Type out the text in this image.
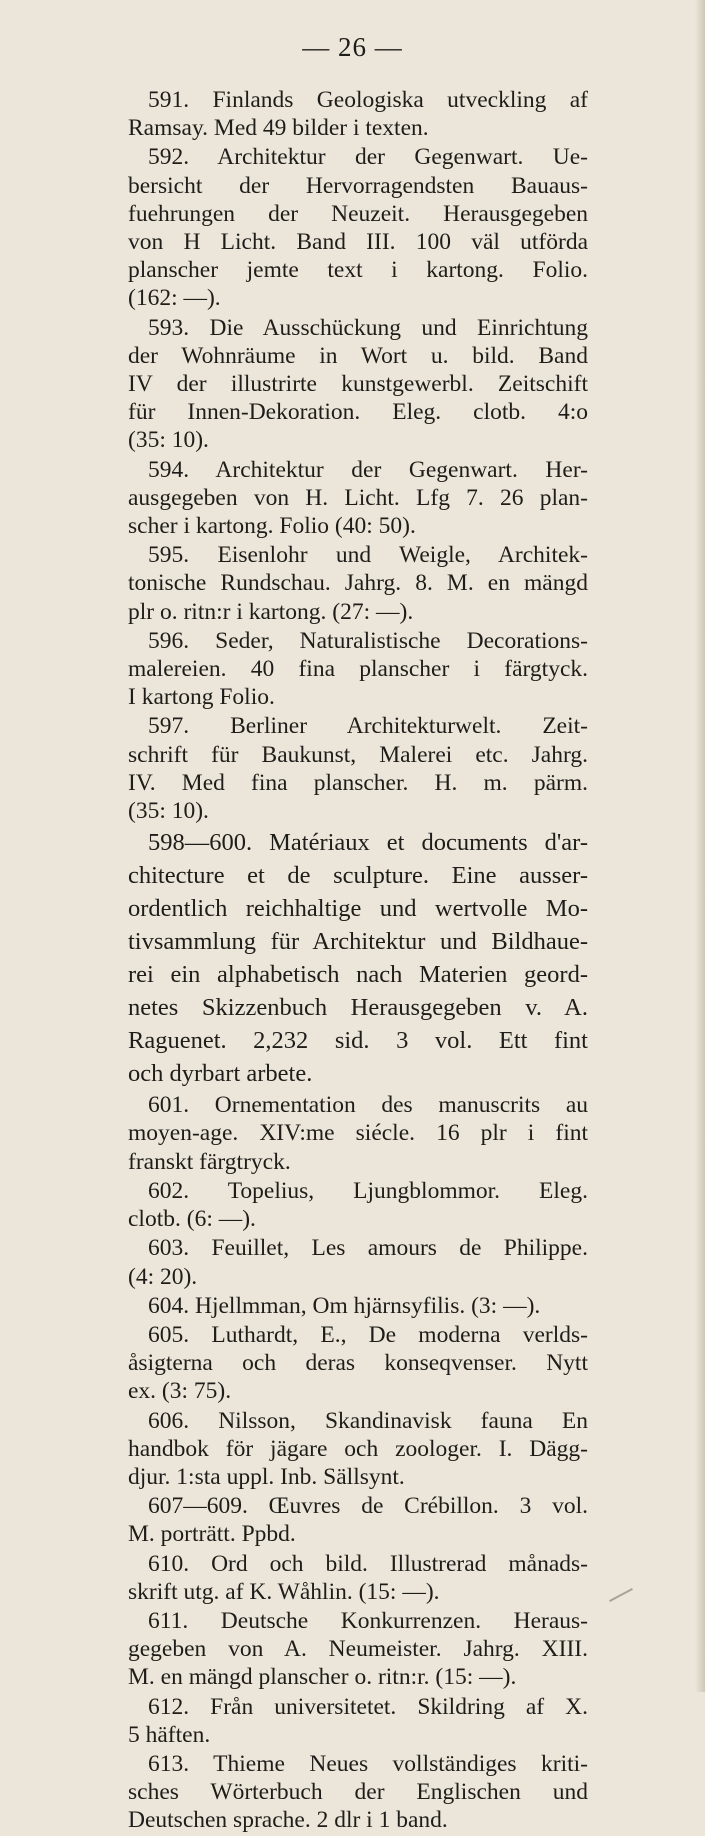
— 26 —
591. Finlands Geologiska utveckling af
Ramsay. Med 49 bilder i texten.
592. Architektur der Gegenwart. Ue-
bersicht der Hervorragendsten Bauaus-
fuehrungen der Neuzeit. Herausgegeben
von H Licht. Band III. 100 väl utförda
planscher jemte text i kartong. Folio.
(162: —).
593. Die Ausschückung und Einrichtung
der Wohnräume in Wort u. bild. Band
IV der illustrirte kunstgewerbl. Zeitschift
für Innen-Dekoration. Eleg. clotb. 4:o
(35: 10).
594. Architektur der Gegenwart. Her-
ausgegeben von H. Licht. Lfg 7. 26 plan-
scher i kartong. Folio (40: 50).
595. Eisenlohr und Weigle, Architek-
tonische Rundschau. Jahrg. 8. M. en mängd
plr o. ritn:r i kartong. (27: —).
596. Seder, Naturalistische Decorations-
malereien. 40 fina planscher i färgtyck.
I kartong Folio.
597. Berliner Architekturwelt. Zeit-
schrift für Baukunst, Malerei etc. Jahrg.
IV. Med fina planscher. H. m. pärm.
(35: 10).
598—600. Matériaux et documents d'ar-
chitecture et de sculpture. Eine ausser-
ordentlich reichhaltige und wertvolle Mo-
tivsammlung für Architektur und Bildhaue-
rei ein alphabetisch nach Materien geord-
netes Skizzenbuch Herausgegeben v. A.
Raguenet. 2,232 sid. 3 vol. Ett fint
och dyrbart arbete.
601. Ornementation des manuscrits au
moyen-age. XIV:me siécle. 16 plr i fint
franskt färgtryck.
602. Topelius, Ljungblommor. Eleg.
clotb. (6: —).
603. Feuillet, Les amours de Philippe.
(4: 20).
604. Hjellmman, Om hjärnsyfilis. (3: —).
605. Luthardt, E., De moderna verlds-
åsigterna och deras konseqvenser. Nytt
ex. (3: 75).
606. Nilsson, Skandinavisk fauna En
handbok för jägare och zoologer. I. Dägg-
djur. 1:sta uppl. Inb. Sällsynt.
607—609. Œuvres de Crébillon. 3 vol.
M. porträtt. Ppbd.
610. Ord och bild. Illustrerad månads-
skrift utg. af K. Wåhlin. (15: —).
611. Deutsche Konkurrenzen. Heraus-
gegeben von A. Neumeister. Jahrg. XIII.
M. en mängd planscher o. ritn:r. (15: —).
612. Från universitetet. Skildring af X.
5 häften.
613. Thieme Neues vollständiges kriti-
sches Wörterbuch der Englischen und
Deutschen sprache. 2 dlr i 1 band.
